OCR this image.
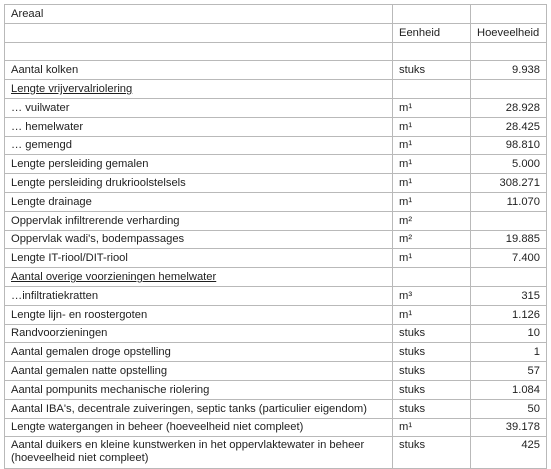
Areaal		
	Eenheid	Hoeveelheid

Aantal kolken	stuks	9.938
Lengte vrijvervalriolering		
… vuilwater	m¹	28.928
… hemelwater	m¹	28.425
… gemengd	m¹	98.810
Lengte persleiding gemalen	m¹	5.000
Lengte persleiding drukrioolstelsels	m¹	308.271
Lengte drainage	m¹	11.070
Oppervlak infiltrerende verharding	m²	
Oppervlak wadi's, bodempassages	m²	19.885
Lengte IT-riool/DIT-riool	m¹	7.400
Aantal overige voorzieningen hemelwater		
…infiltratiekratten	m³	315
Lengte lijn- en roostergoten	m¹	1.126
Randvoorzieningen	stuks	10
Aantal gemalen droge opstelling	stuks	1
Aantal gemalen natte opstelling	stuks	57
Aantal pompunits mechanische riolering	stuks	1.084
Aantal IBA's, decentrale zuiveringen, septic tanks (particulier eigendom)	stuks	50
Lengte watergangen in beheer (hoeveelheid niet compleet)	m¹	39.178
Aantal duikers en kleine kunstwerken in het oppervlaktewater in beheer (hoeveelheid niet compleet)	stuks	425
